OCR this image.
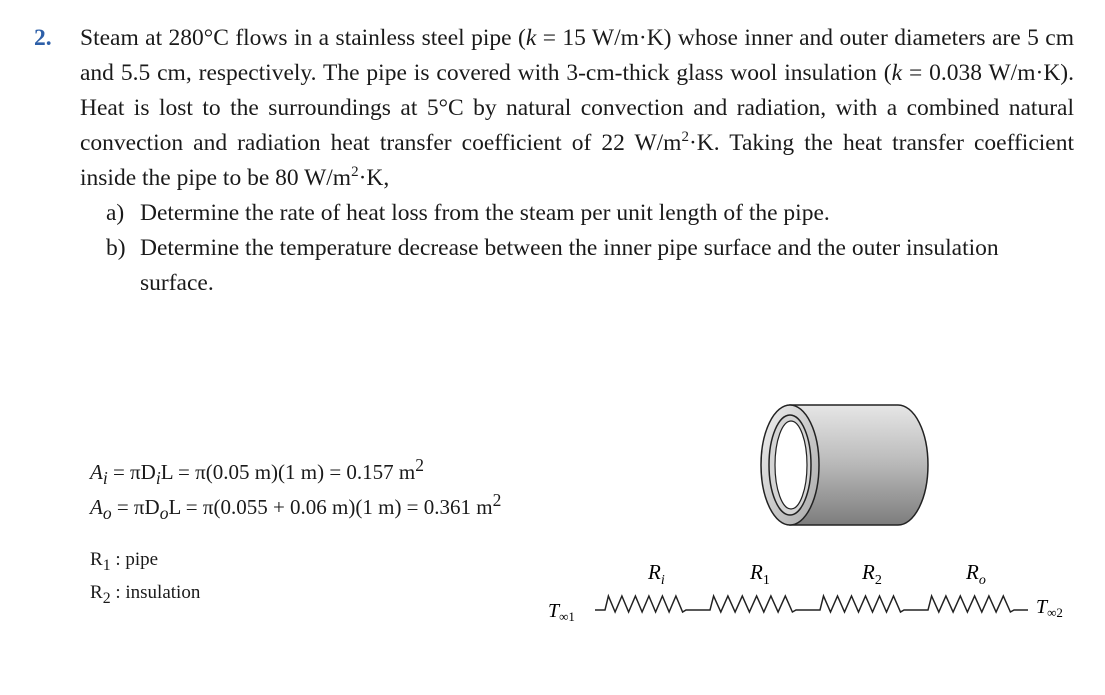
2. Steam at 280°C flows in a stainless steel pipe (k = 15 W/m·K) whose inner and outer diameters are 5 cm and 5.5 cm, respectively. The pipe is covered with 3-cm-thick glass wool insulation (k = 0.038 W/m·K). Heat is lost to the surroundings at 5°C by natural convection and radiation, with a combined natural convection and radiation heat transfer coefficient of 22 $W/m^2\cdot K$. Taking the heat transfer coefficient inside the pipe to be 80 $W/m^2\cdot K$,
a) Determine the rate of heat loss from the steam per unit length of the pipe.
b) Determine the temperature decrease between the inner pipe surface and the outer insulation surface.
$A_i = \pi D_iL = \pi(0.05$ m)(1 m) = 0.157 $m^2$
$A_o = \pi D_oL = \pi(0.055 + 0.06$ m)(1 m) = 0.361 $m^2$
$R_1$ : pipe
$R_2$ : insulation
$T_{\infty 1}$	$T_{\infty 2}$
$R_i$	$R_1$	$R_2$	$R_o$
